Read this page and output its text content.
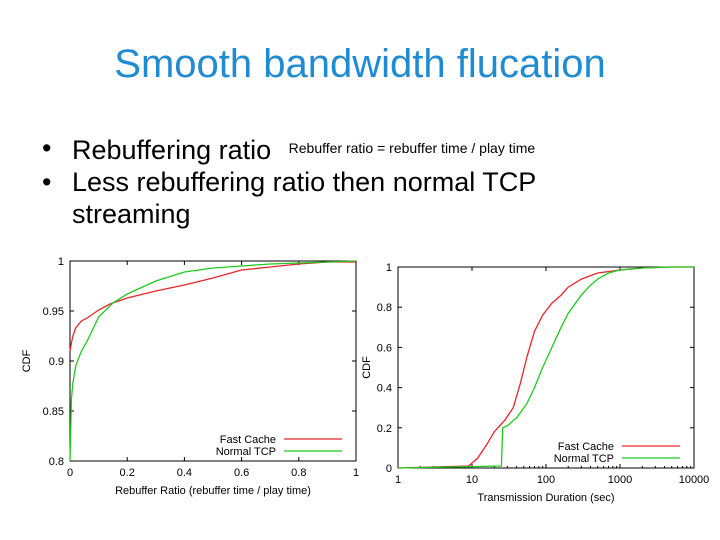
Smooth bandwidth flucation
• Rebuffering ratio $^{Rebuffer ratio = rebuffer time / play time}$
• Less rebuffering ratio then normal TCP
streaming
0	0.2	0.4	0.6	0.8	1
0.8
0.85
0.9
0.95
1
Rebuffer Ratio (rebuffer time / play time)
CDF
Fast Cache
Normal TCP
1	10	100	1000	10000
0
0.2
0.4
0.6
0.8
1
Transmission Duration (sec)
CDF
Fast Cache
Normal TCP
